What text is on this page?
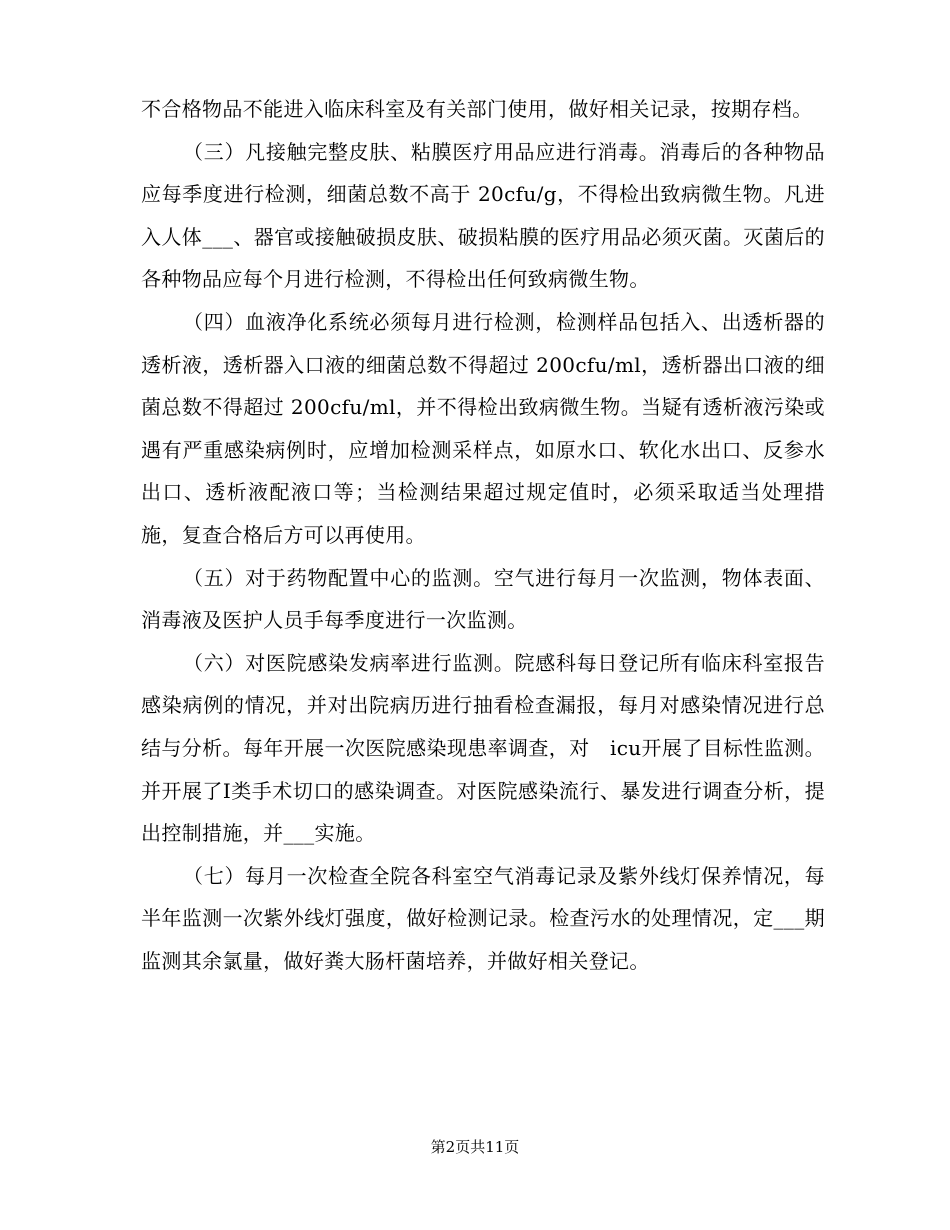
不合格物品不能进入临床科室及有关部门使用，做好相关记录，按期存档。

（三）凡接触完整皮肤、粘膜医疗用品应进行消毒。消毒后的各种物品应每季度进行检测，细菌总数不高于 20cfu/g，不得检出致病微生物。凡进入人体___、器官或接触破损皮肤、破损粘膜的医疗用品必须灭菌。灭菌后的各种物品应每个月进行检测，不得检出任何致病微生物。

（四）血液净化系统必须每月进行检测，检测样品包括入、出透析器的透析液，透析器入口液的细菌总数不得超过 200cfu/ml，透析器出口液的细菌总数不得超过 200cfu/ml，并不得检出致病微生物。当疑有透析液污染或遇有严重感染病例时，应增加检测采样点，如原水口、软化水出口、反参水出口、透析液配液口等；当检测结果超过规定值时，必须采取适当处理措施，复查合格后方可以再使用。

（五）对于药物配置中心的监测。空气进行每月一次监测，物体表面、消毒液及医护人员手每季度进行一次监测。

（六）对医院感染发病率进行监测。院感科每日登记所有临床科室报告感染病例的情况，并对出院病历进行抽看检查漏报，每月对感染情况进行总结与分析。每年开展一次医院感染现患率调查，对　icu开展了目标性监测。并开展了Ⅰ类手术切口的感染调查。对医院感染流行、暴发进行调查分析，提出控制措施，并___实施。

（七）每月一次检查全院各科室空气消毒记录及紫外线灯保养情况，每半年监测一次紫外线灯强度，做好检测记录。检查污水的处理情况，定___期监测其余氯量，做好粪大肠杆菌培养，并做好相关登记。

第2页共11页
